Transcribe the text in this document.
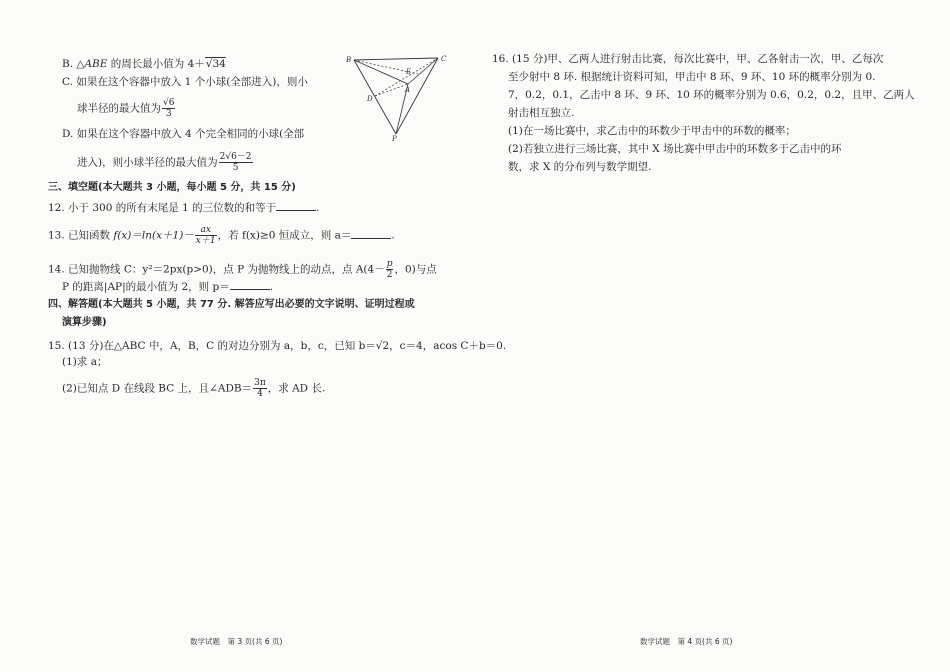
B. △ABE 的周长最小值为 4＋√34
C. 如果在这个容器中放入 1 个小球(全部进入)，则小
球半径的最大值为 $\frac{√6}{3}$
D. 如果在这个容器中放入 4 个完全相同的小球(全部
进入)，则小球半径的最大值为 $\frac{2√6-2}{5}$
B	C
E
A
D
P
三、填空题(本大题共 3 小题，每小题 5 分，共 15 分)
12. 小于 300 的所有末尾是 1 的三位数的和等于	.
13. 已知函数 $f(x)=\ln(x+1)- \frac{ax}{x+1}$ ，若 f(x)≥0 恒成立，则 a＝	.
14. 已知抛物线 C：y²＝2px(p>0)，点 P 为抛物线上的动点，点 $A(4- \frac{p}{2}$ ，0)与点
P 的距离|AP|的最小值为 2，则 p＝	.
四、解答题(本大题共 5 小题，共 77 分. 解答应写出必要的文字说明、证明过程或
演算步骤)
15. (13 分)在△ABC 中，A，B，C 的对边分别为 a，b，c，已知 b＝√2，c＝4，acos C＋b＝0.
(1)求 a；
(2)已知点 D 在线段 BC 上，且∠ADB＝ $\frac{3\pi}{4}$ ，求 AD 长.
数学试题　第 3 页(共 6 页)
16. (15 分)甲、乙两人进行射击比赛，每次比赛中，甲、乙各射击一次，甲、乙每次
至少射中 8 环. 根据统计资料可知，甲击中 8 环、9 环、10 环的概率分别为 0.
7，0.2，0.1，乙击中 8 环、9 环、10 环的概率分别为 0.6，0.2，0.2，且甲、乙两人
射击相互独立.
(1)在一场比赛中，求乙击中的环数少于甲击中的环数的概率；
(2)若独立进行三场比赛，其中 X 场比赛中甲击中的环数多于乙击中的环
数，求 X 的分布列与数学期望.
数学试题　第 4 页(共 6 页)
